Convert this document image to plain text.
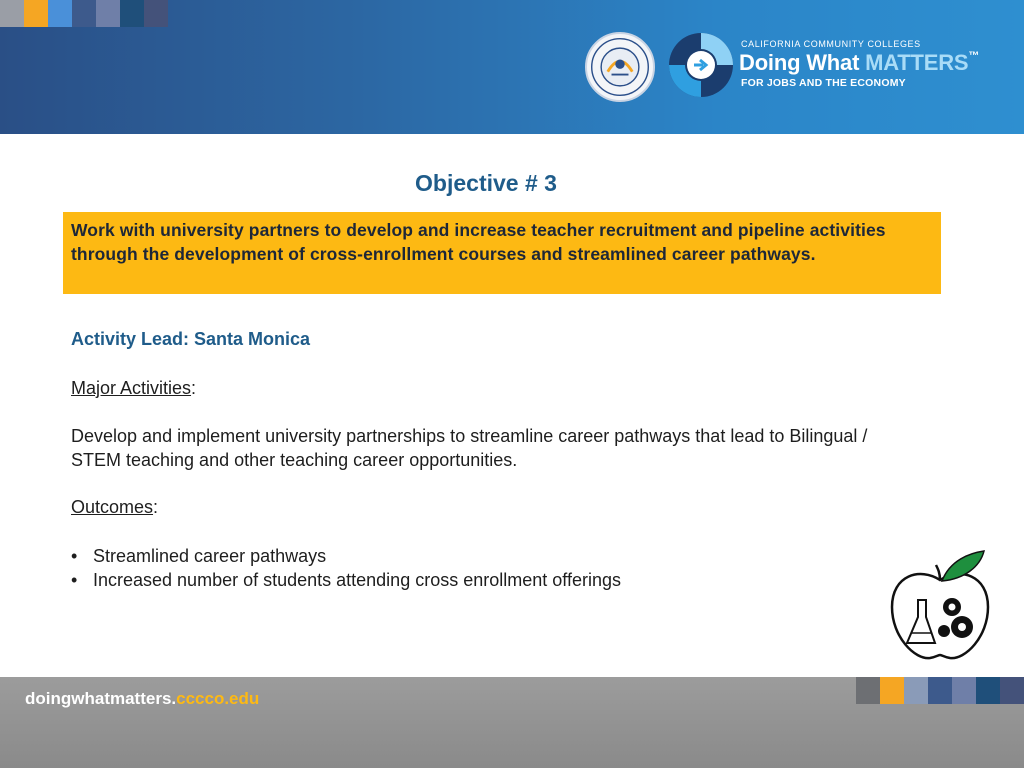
CALIFORNIA COMMUNITY COLLEGES
Doing What MATTERS™
FOR JOBS AND THE ECONOMY
Objective # 3
Work with university partners to develop and increase teacher recruitment and pipeline activities through the development of cross-enrollment courses and streamlined career pathways.
Activity Lead: Santa Monica
Major Activities:
Develop and implement university partnerships to streamline career pathways that lead to Bilingual / STEM teaching and other teaching career opportunities.
Outcomes:
• Streamlined career pathways
• Increased number of students attending cross enrollment offerings
doingwhatmatters.cccco.edu
